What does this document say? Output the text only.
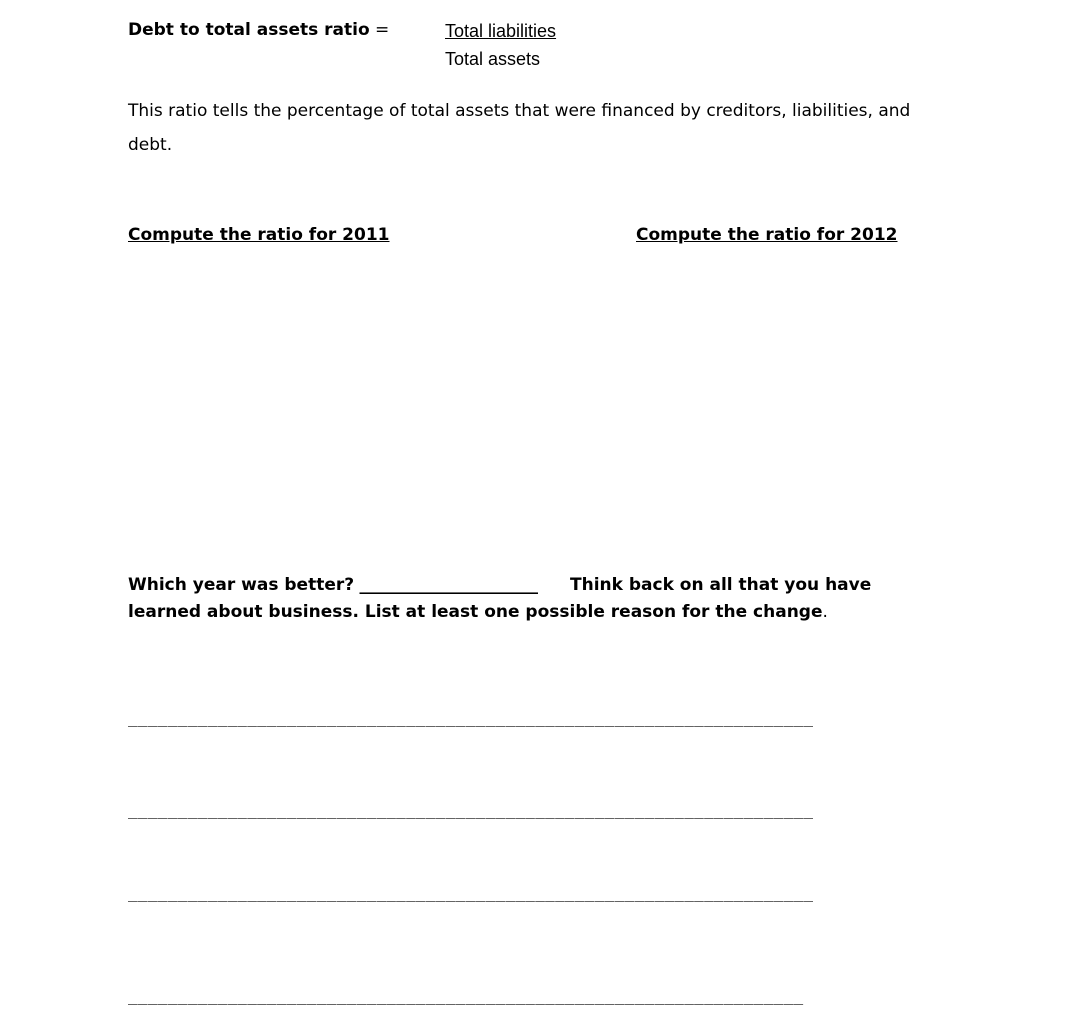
Debt to total assets ratio =	Total liabilities
Total assets
This ratio tells the percentage of total assets that were financed by creditors, liabilities, and debt.
Compute the ratio for 2011	Compute the ratio for 2012
Which year was better? _____________________ Think back on all that you have learned about business. List at least one possible reason for the change.
_____________________________________________________________________
_____________________________________________________________________
_____________________________________________________________________
____________________________________________________________________
